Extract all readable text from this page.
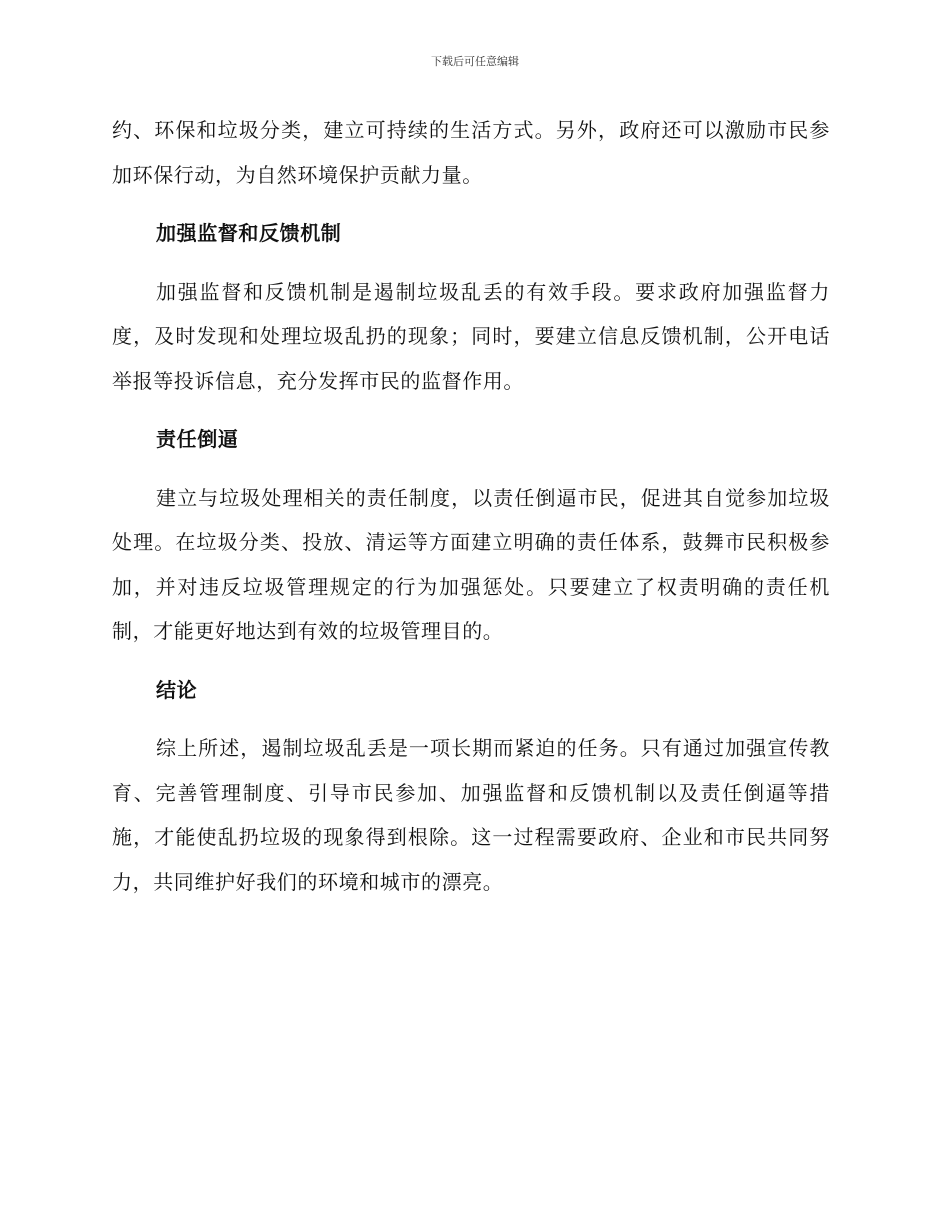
下载后可任意编辑

约、环保和垃圾分类，建立可持续的生活方式。另外，政府还可以激励市民参加环保行动，为自然环境保护贡献力量。

加强监督和反馈机制

加强监督和反馈机制是遏制垃圾乱丢的有效手段。要求政府加强监督力度，及时发现和处理垃圾乱扔的现象；同时，要建立信息反馈机制，公开电话举报等投诉信息，充分发挥市民的监督作用。

责任倒逼

建立与垃圾处理相关的责任制度，以责任倒逼市民，促进其自觉参加垃圾处理。在垃圾分类、投放、清运等方面建立明确的责任体系，鼓舞市民积极参加，并对违反垃圾管理规定的行为加强惩处。只要建立了权责明确的责任机制，才能更好地达到有效的垃圾管理目的。

结论

综上所述，遏制垃圾乱丢是一项长期而紧迫的任务。只有通过加强宣传教育、完善管理制度、引导市民参加、加强监督和反馈机制以及责任倒逼等措施，才能使乱扔垃圾的现象得到根除。这一过程需要政府、企业和市民共同努力，共同维护好我们的环境和城市的漂亮。
